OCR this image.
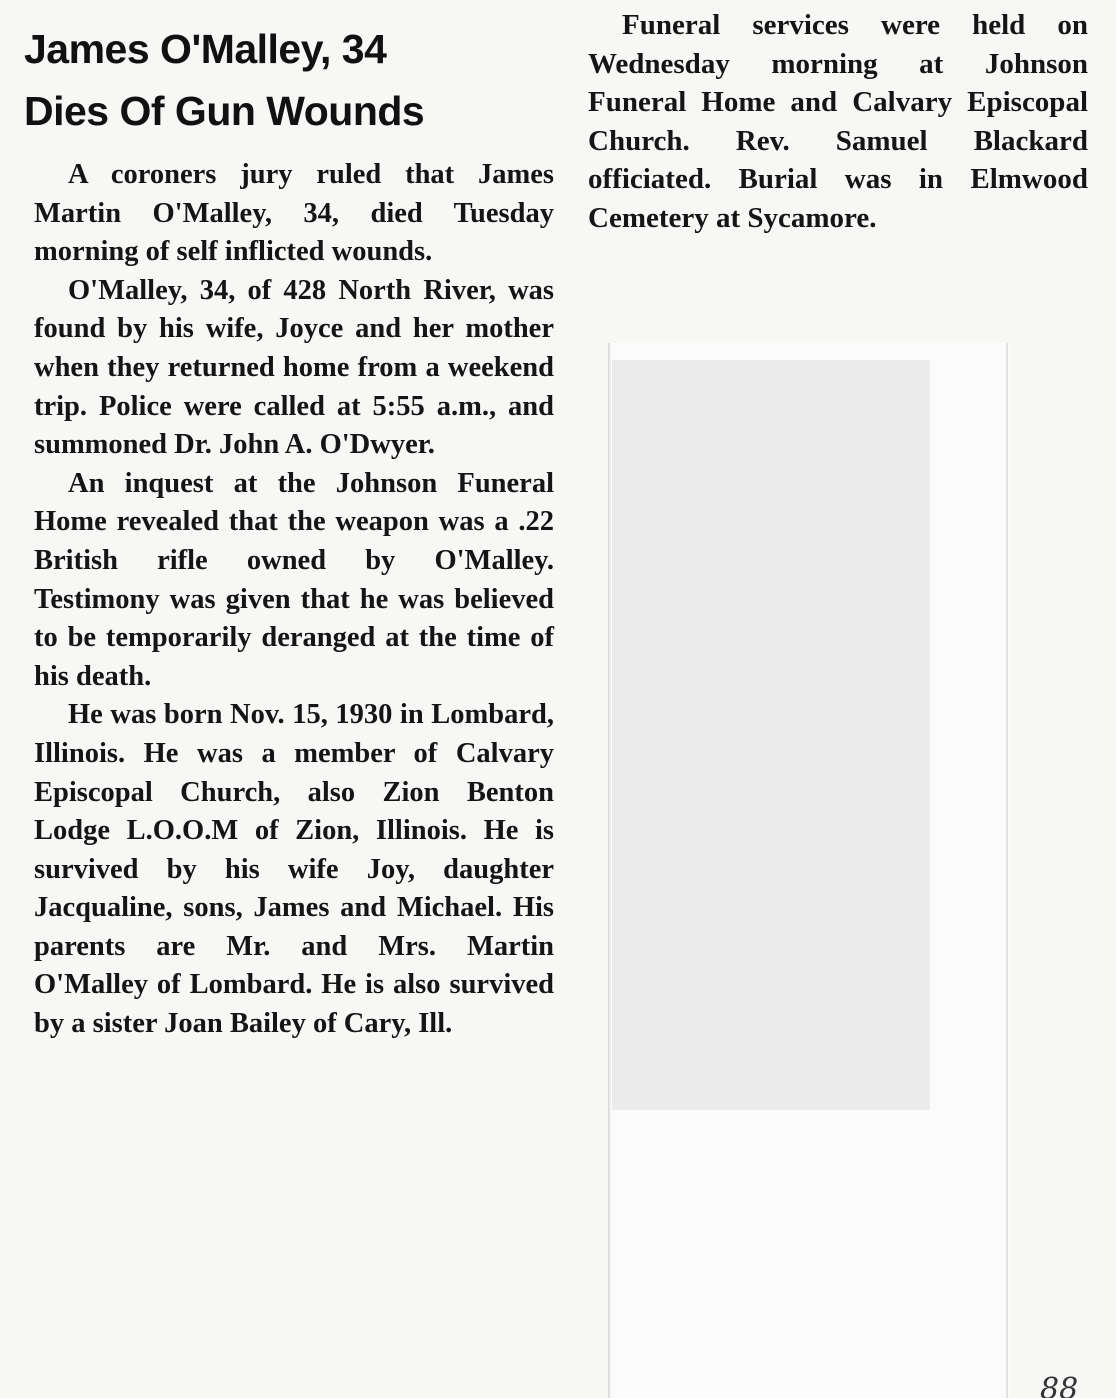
James O'Malley, 34
Dies Of Gun Wounds

A coroners jury ruled that James Martin O'Malley, 34, died Tuesday morning of self inflicted wounds.

O'Malley, 34, of 428 North River, was found by his wife, Joyce and her mother when they returned home from a weekend trip. Police were called at 5:55 a.m., and summoned Dr. John A. O'Dwyer.

An inquest at the Johnson Funeral Home revealed that the weapon was a .22 British rifle owned by O'Malley. Testimony was given that he was believed to be temporarily deranged at the time of his death.

He was born Nov. 15, 1930 in Lombard, Illinois. He was a member of Calvary Episcopal Church, also Zion Benton Lodge L.O.O.M of Zion, Illinois. He is survived by his wife Joy, daughter Jacqualine, sons, James and Michael. His parents are Mr. and Mrs. Martin O'Malley of Lombard. He is also survived by a sister Joan Bailey of Cary, Ill.

Funeral services were held on Wednesday morning at Johnson Funeral Home and Calvary Episcopal Church. Rev. Samuel Blackard officiated. Burial was in Elmwood Cemetery at Sycamore.

88
